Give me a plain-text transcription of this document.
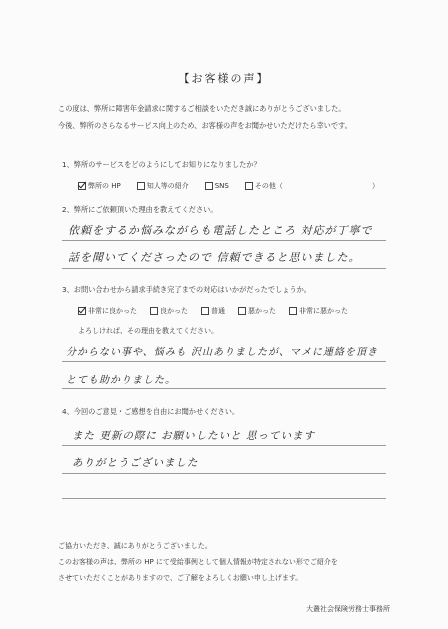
【お客様の声】
この度は、弊所に障害年金請求に関するご相談をいただき誠にありがとうございました。
今後、弊所のさらなるサービス向上のため、お客様の声をお聞かせいただけたら幸いです。
1、弊所のサービスをどのようにしてお知りになりましたか？
弊所の HP	知人等の紹介	SNS	その他（	）
2、弊所にご依頼頂いた理由を教えてください。
依頼をするか悩みながらも電話したところ 対応が丁寧で
話を聞いてくださったので 信頼できると思いました。
3、お問い合わせから請求手続き完了までの対応はいかがだったでしょうか。
非常に良かった	良かった	普通	悪かった	非常に悪かった
よろしければ、その理由を教えてください。
分からない事や、悩みも 沢山ありましたが、マメに連絡を頂き
とても助かりました。
4、今回のご意見・ご感想を自由にお聞かせください。
また 更新の際に お願いしたいと 思っています
ありがとうございました
ご協力いただき、誠にありがとうございました。
このお客様の声は、弊所の HP にて受給事例として個人情報が特定されない形でご紹介を
させていただくことがありますので、ご了解をよろしくお願い申し上げます。
大叢社会保険労務士事務所
